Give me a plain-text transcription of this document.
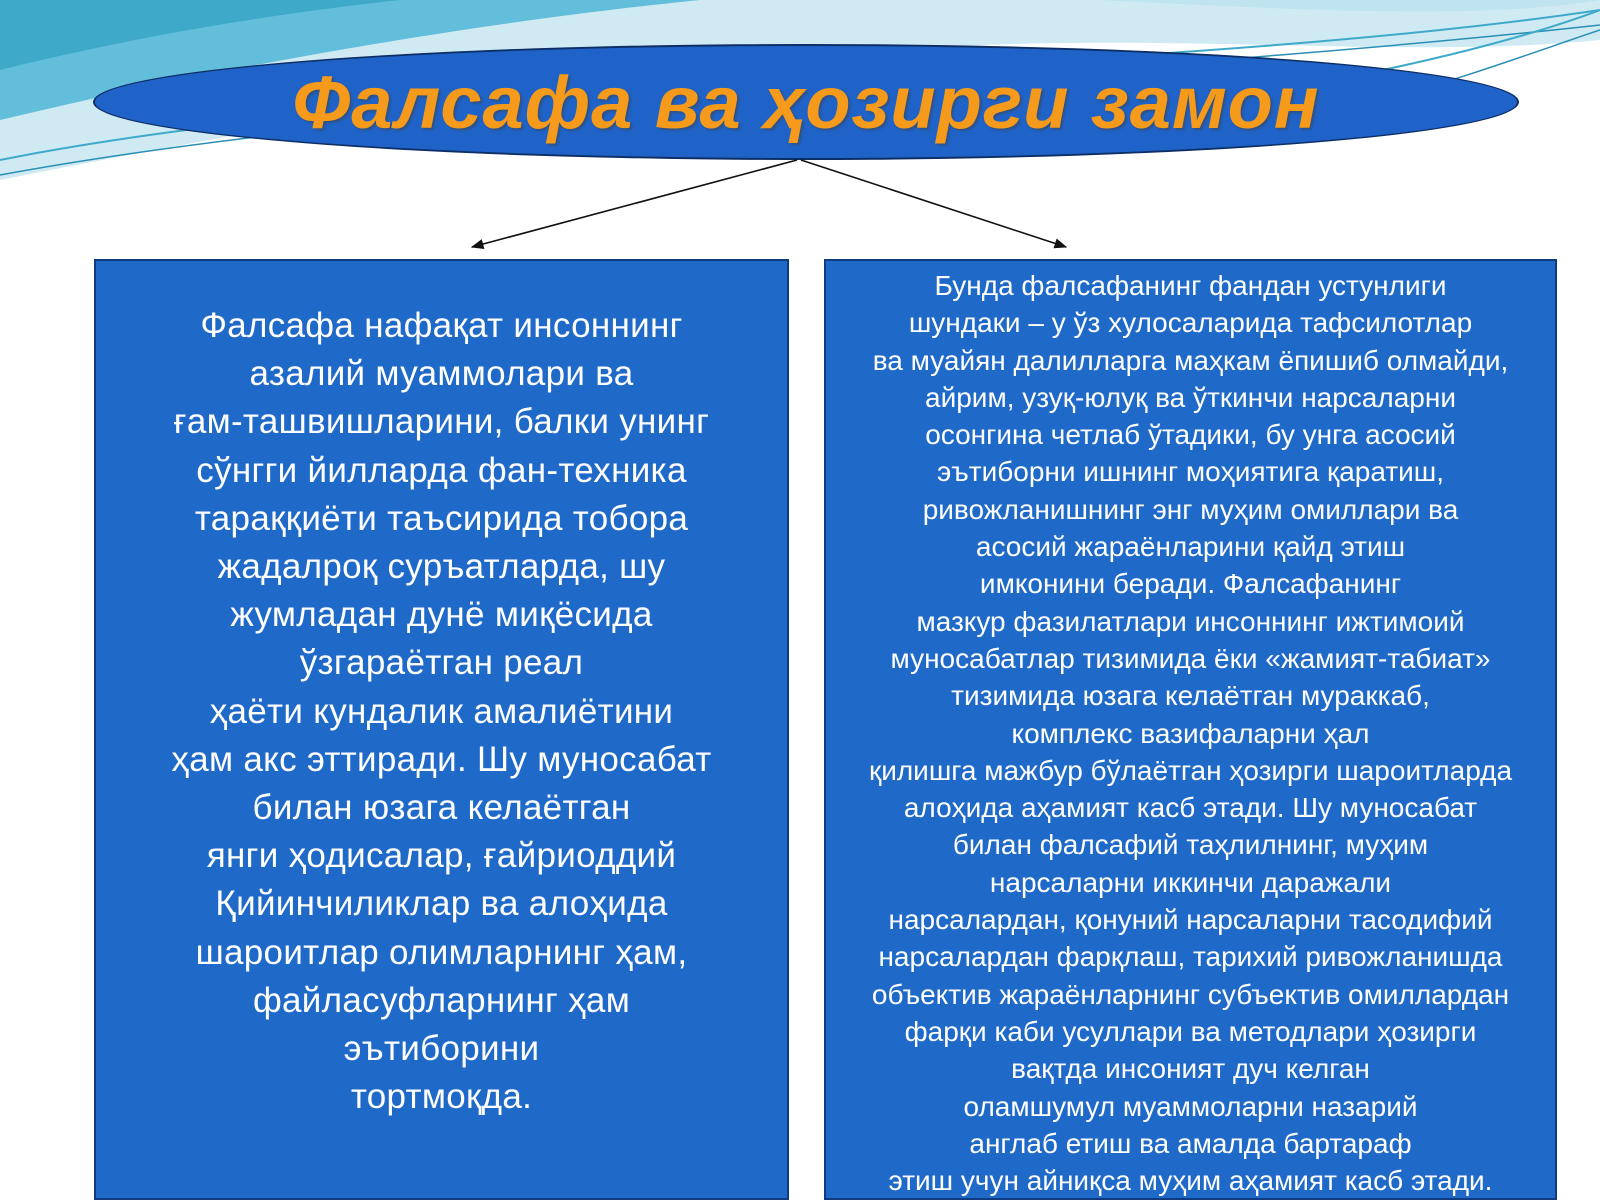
Фалсафа ва ҳозирги замон
Фалсафа нафақат инсоннинг
азалий муаммолари ва
ғам-ташвишларини, балки унинг
сўнгги йилларда фан-техника
тараққиёти таъсирида тобора
жадалроқ суръатларда, шу
жумладан дунё миқёсида
ўзгараётган реал
ҳаёти кундалик амалиётини
ҳам акс эттиради. Шу муносабат
билан юзага келаётган
янги ҳодисалар, ғайриоддий
Қийинчиликлар ва алоҳида
шароитлар олимларнинг ҳам,
файласуфларнинг ҳам
эътиборини
тортмоқда.
Бунда фалсафанинг фандан устунлиги
шундаки – у ўз хулосаларида тафсилотлар
ва муайян далилларга маҳкам ёпишиб олмайди,
айрим, узуқ-юлуқ ва ўткинчи нарсаларни
осонгина четлаб ўтадики, бу унга асосий
эътиборни ишнинг моҳиятига қаратиш,
ривожланишнинг энг муҳим омиллари ва
асосий жараёнларини қайд этиш
имконини беради. Фалсафанинг
мазкур фазилатлари инсоннинг ижтимоий
муносабатлар тизимида ёки «жамият-табиат»
тизимида юзага келаётган мураккаб,
комплекс вазифаларни ҳал
қилишга мажбур бўлаётган ҳозирги шароитларда
алоҳида аҳамият касб этади. Шу муносабат
билан фалсафий таҳлилнинг, муҳим
нарсаларни иккинчи даражали
нарсалардан, қонуний нарсаларни тасодифий
нарсалардан фарқлаш, тарихий ривожланишда
объектив жараёнларнинг субъектив омиллардан
фарқи каби усуллари ва методлари ҳозирги
вақтда инсоният дуч келган
оламшумул муаммоларни назарий
англаб етиш ва амалда бартараф
этиш учун айниқса муҳим аҳамият касб этади.
